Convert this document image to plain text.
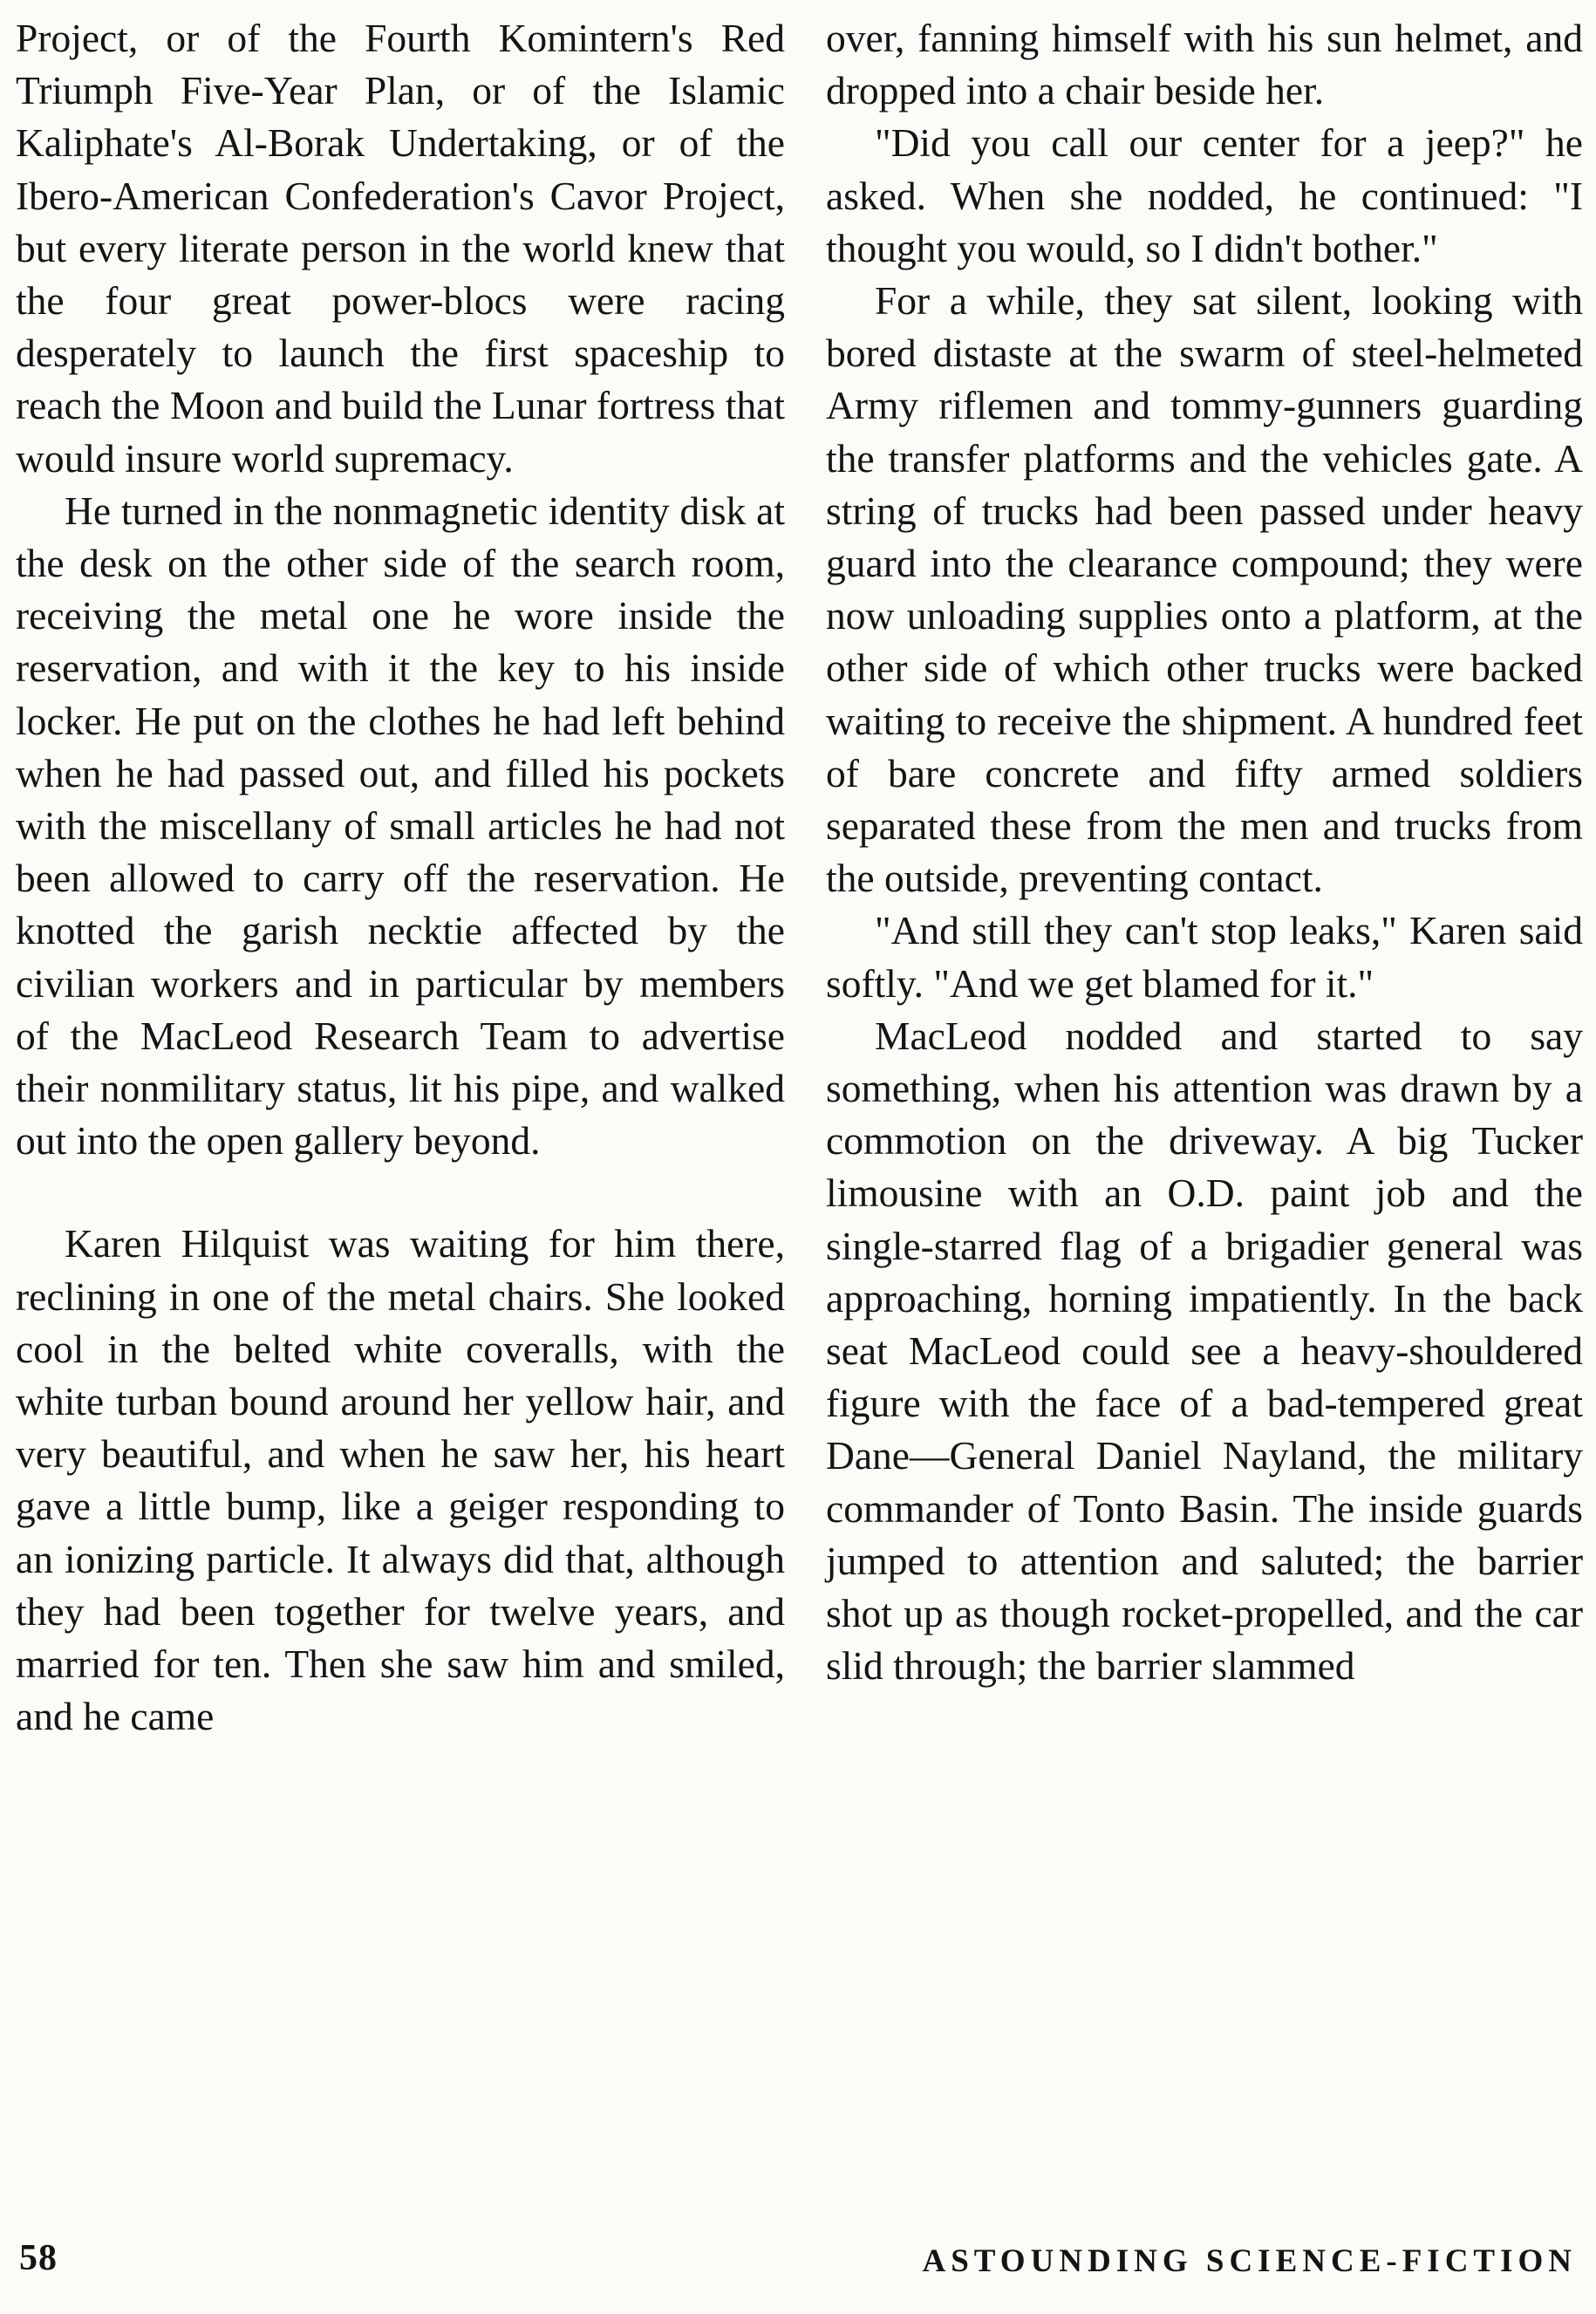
Project, or of the Fourth Komintern's Red Triumph Five-Year Plan, or of the Islamic Kaliphate's Al-Borak Undertaking, or of the Ibero-American Confederation's Cavor Project, but every literate person in the world knew that the four great power-blocs were racing desperately to launch the first spaceship to reach the Moon and build the Lunar fortress that would insure world supremacy.

He turned in the nonmagnetic identity disk at the desk on the other side of the search room, receiving the metal one he wore inside the reservation, and with it the key to his inside locker. He put on the clothes he had left behind when he had passed out, and filled his pockets with the miscellany of small articles he had not been allowed to carry off the reservation. He knotted the garish necktie affected by the civilian workers and in particular by members of the MacLeod Research Team to advertise their nonmilitary status, lit his pipe, and walked out into the open gallery beyond.

Karen Hilquist was waiting for him there, reclining in one of the metal chairs. She looked cool in the belted white coveralls, with the white turban bound around her yellow hair, and very beautiful, and when he saw her, his heart gave a little bump, like a geiger responding to an ionizing particle. It always did that, although they had been together for twelve years, and married for ten. Then she saw him and smiled, and he came

over, fanning himself with his sun helmet, and dropped into a chair beside her.

"Did you call our center for a jeep?" he asked. When she nodded, he continued: "I thought you would, so I didn't bother."

For a while, they sat silent, looking with bored distaste at the swarm of steel-helmeted Army riflemen and tommy-gunners guarding the transfer platforms and the vehicles gate. A string of trucks had been passed under heavy guard into the clearance compound; they were now unloading supplies onto a platform, at the other side of which other trucks were backed waiting to receive the shipment. A hundred feet of bare concrete and fifty armed soldiers separated these from the men and trucks from the outside, preventing contact.

"And still they can't stop leaks," Karen said softly. "And we get blamed for it."

MacLeod nodded and started to say something, when his attention was drawn by a commotion on the driveway. A big Tucker limousine with an O.D. paint job and the single-starred flag of a brigadier general was approaching, horning impatiently. In the back seat MacLeod could see a heavy-shouldered figure with the face of a bad-tempered great Dane—General Daniel Nayland, the military commander of Tonto Basin. The inside guards jumped to attention and saluted; the barrier shot up as though rocket-propelled, and the car slid through; the barrier slammed

58	ASTOUNDING SCIENCE-FICTION
